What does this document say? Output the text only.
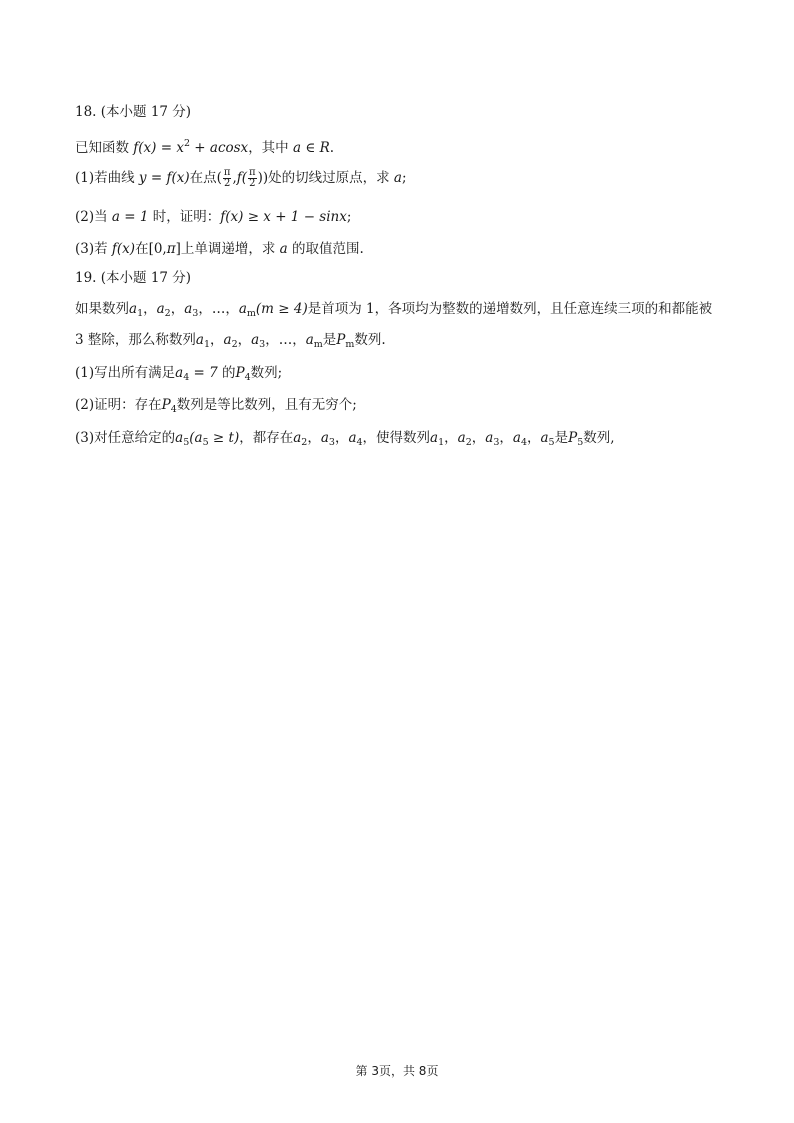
18. (本小题 17 分)
已知函数 $f(x) = x^2 + acosx$，其中 a ∈ R.
(1)若曲线 y = f(x)在点( $\frac{\pi}{2} ,f( \frac{\pi}{2}$ ))处的切线过原点，求 a;
(2)当 a = 1 时，证明：f(x) ≥ x + 1 − sinx;
(3)若 f(x)在[0,π]上单调递增，求 a 的取值范围.
19. (本小题 17 分)
如果数列$a_1$，$a_2$，$a_3$，…，$a_m(m \ge 4)$是首项为 1，各项均为整数的递增数列，且任意连续三项的和都能被
3 整除，那么称数列$a_1$，$a_2$，$a_3$，…，$a_m$是$P_m$数列.
(1)写出所有满足$a_4 = 7$ 的$P_4$数列;
(2)证明：存在$P_4$数列是等比数列，且有无穷个;
(3)对任意给定的$a_5(a_5 \ge t)$，都存在$a_2$，$a_3$，$a_4$，使得数列$a_1$，$a_2$，$a_3$，$a_4$，$a_5$是$P_5$数列,
第 3页，共 8页
